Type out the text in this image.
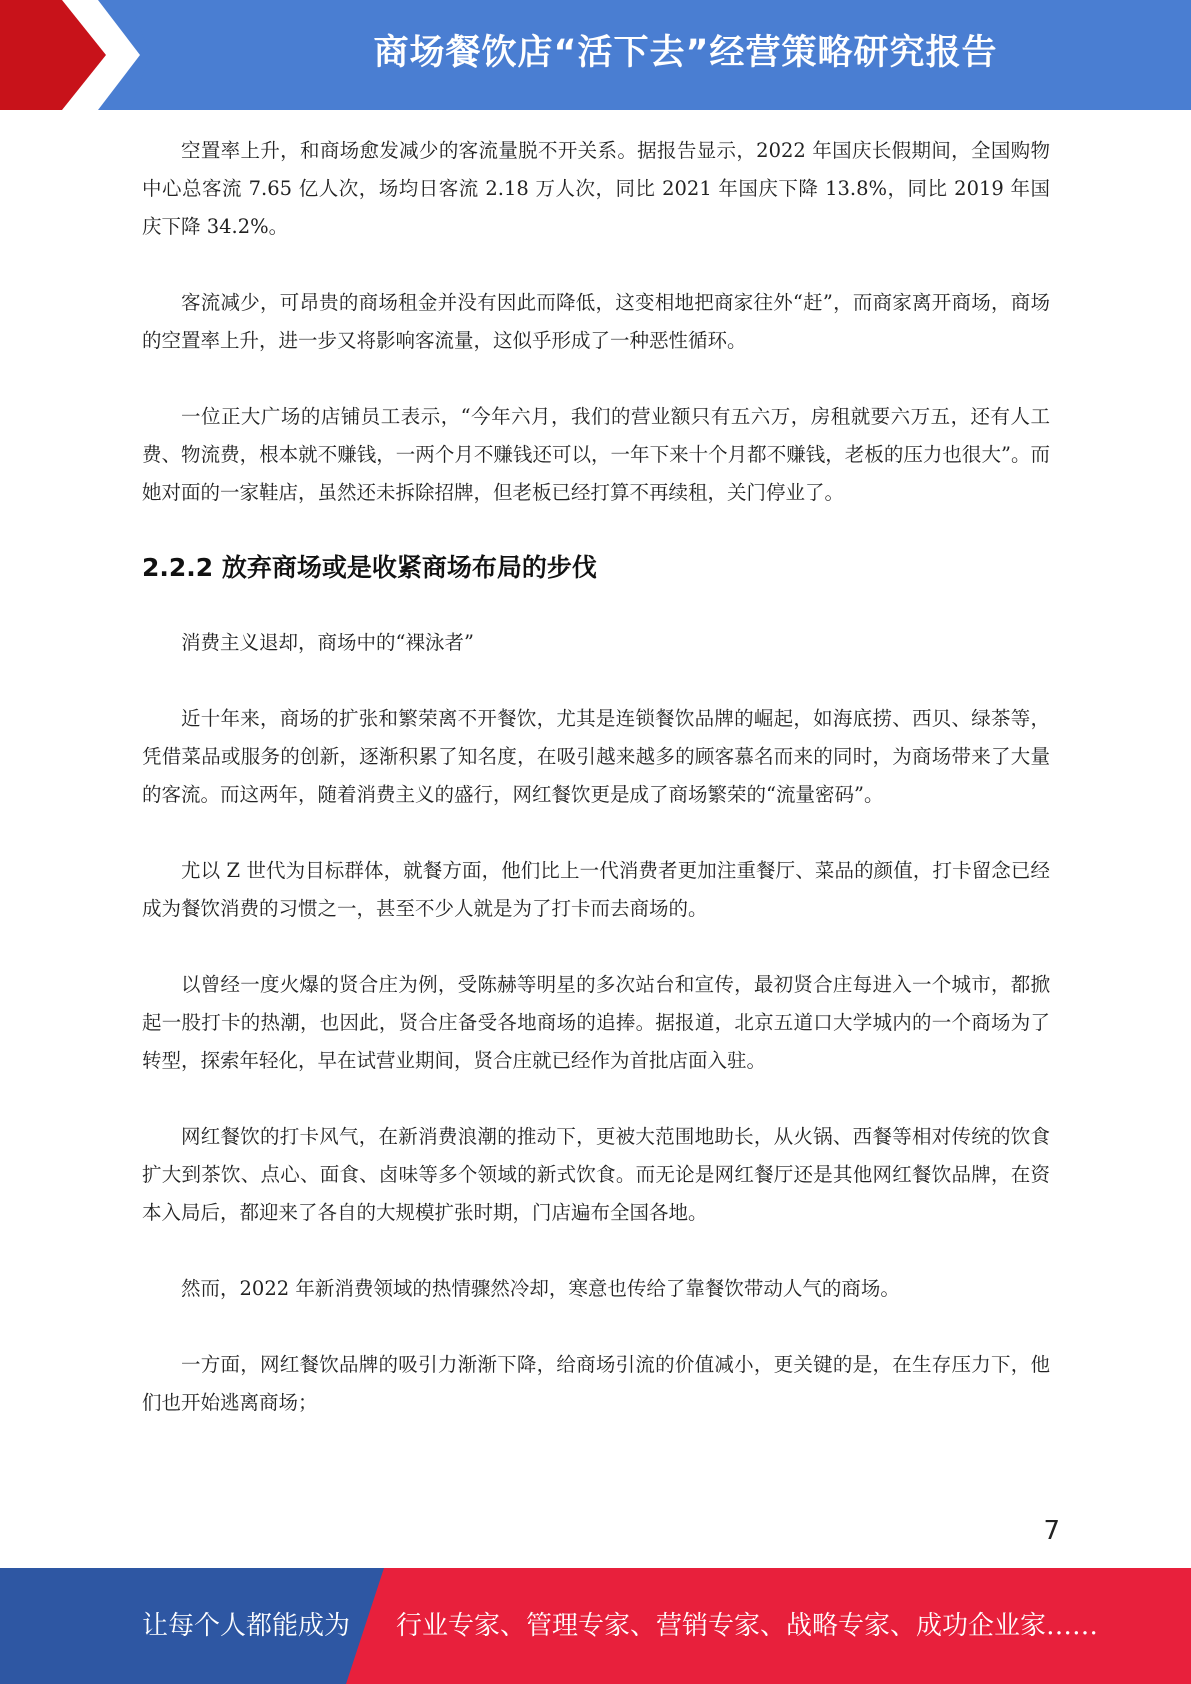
商场餐饮店“活下去”经营策略研究报告

空置率上升，和商场愈发减少的客流量脱不开关系。据报告显示，2022 年国庆长假期间，全国购物中心总客流 7.65 亿人次，场均日客流 2.18 万人次，同比 2021 年国庆下降 13.8%，同比 2019 年国庆下降 34.2%。

客流减少，可昂贵的商场租金并没有因此而降低，这变相地把商家往外“赶”，而商家离开商场，商场的空置率上升，进一步又将影响客流量，这似乎形成了一种恶性循环。

一位正大广场的店铺员工表示，“今年六月，我们的营业额只有五六万，房租就要六万五，还有人工费、物流费，根本就不赚钱，一两个月不赚钱还可以，一年下来十个月都不赚钱，老板的压力也很大”。而她对面的一家鞋店，虽然还未拆除招牌，但老板已经打算不再续租，关门停业了。

2.2.2 放弃商场或是收紧商场布局的步伐

消费主义退却，商场中的“裸泳者”

近十年来，商场的扩张和繁荣离不开餐饮，尤其是连锁餐饮品牌的崛起，如海底捞、西贝、绿茶等，凭借菜品或服务的创新，逐渐积累了知名度，在吸引越来越多的顾客慕名而来的同时，为商场带来了大量的客流。而这两年，随着消费主义的盛行，网红餐饮更是成了商场繁荣的“流量密码”。

尤以 Z 世代为目标群体，就餐方面，他们比上一代消费者更加注重餐厅、菜品的颜值，打卡留念已经成为餐饮消费的习惯之一，甚至不少人就是为了打卡而去商场的。

以曾经一度火爆的贤合庄为例，受陈赫等明星的多次站台和宣传，最初贤合庄每进入一个城市，都掀起一股打卡的热潮，也因此，贤合庄备受各地商场的追捧。据报道，北京五道口大学城内的一个商场为了转型，探索年轻化，早在试营业期间，贤合庄就已经作为首批店面入驻。

网红餐饮的打卡风气，在新消费浪潮的推动下，更被大范围地助长，从火锅、西餐等相对传统的饮食扩大到茶饮、点心、面食、卤味等多个领域的新式饮食。而无论是网红餐厅还是其他网红餐饮品牌，在资本入局后，都迎来了各自的大规模扩张时期，门店遍布全国各地。

然而，2022 年新消费领域的热情骤然冷却，寒意也传给了靠餐饮带动人气的商场。

一方面，网红餐饮品牌的吸引力渐渐下降，给商场引流的价值减小，更关键的是，在生存压力下，他们也开始逃离商场；

7
让每个人都能成为 行业专家、管理专家、营销专家、战略专家、成功企业家……
